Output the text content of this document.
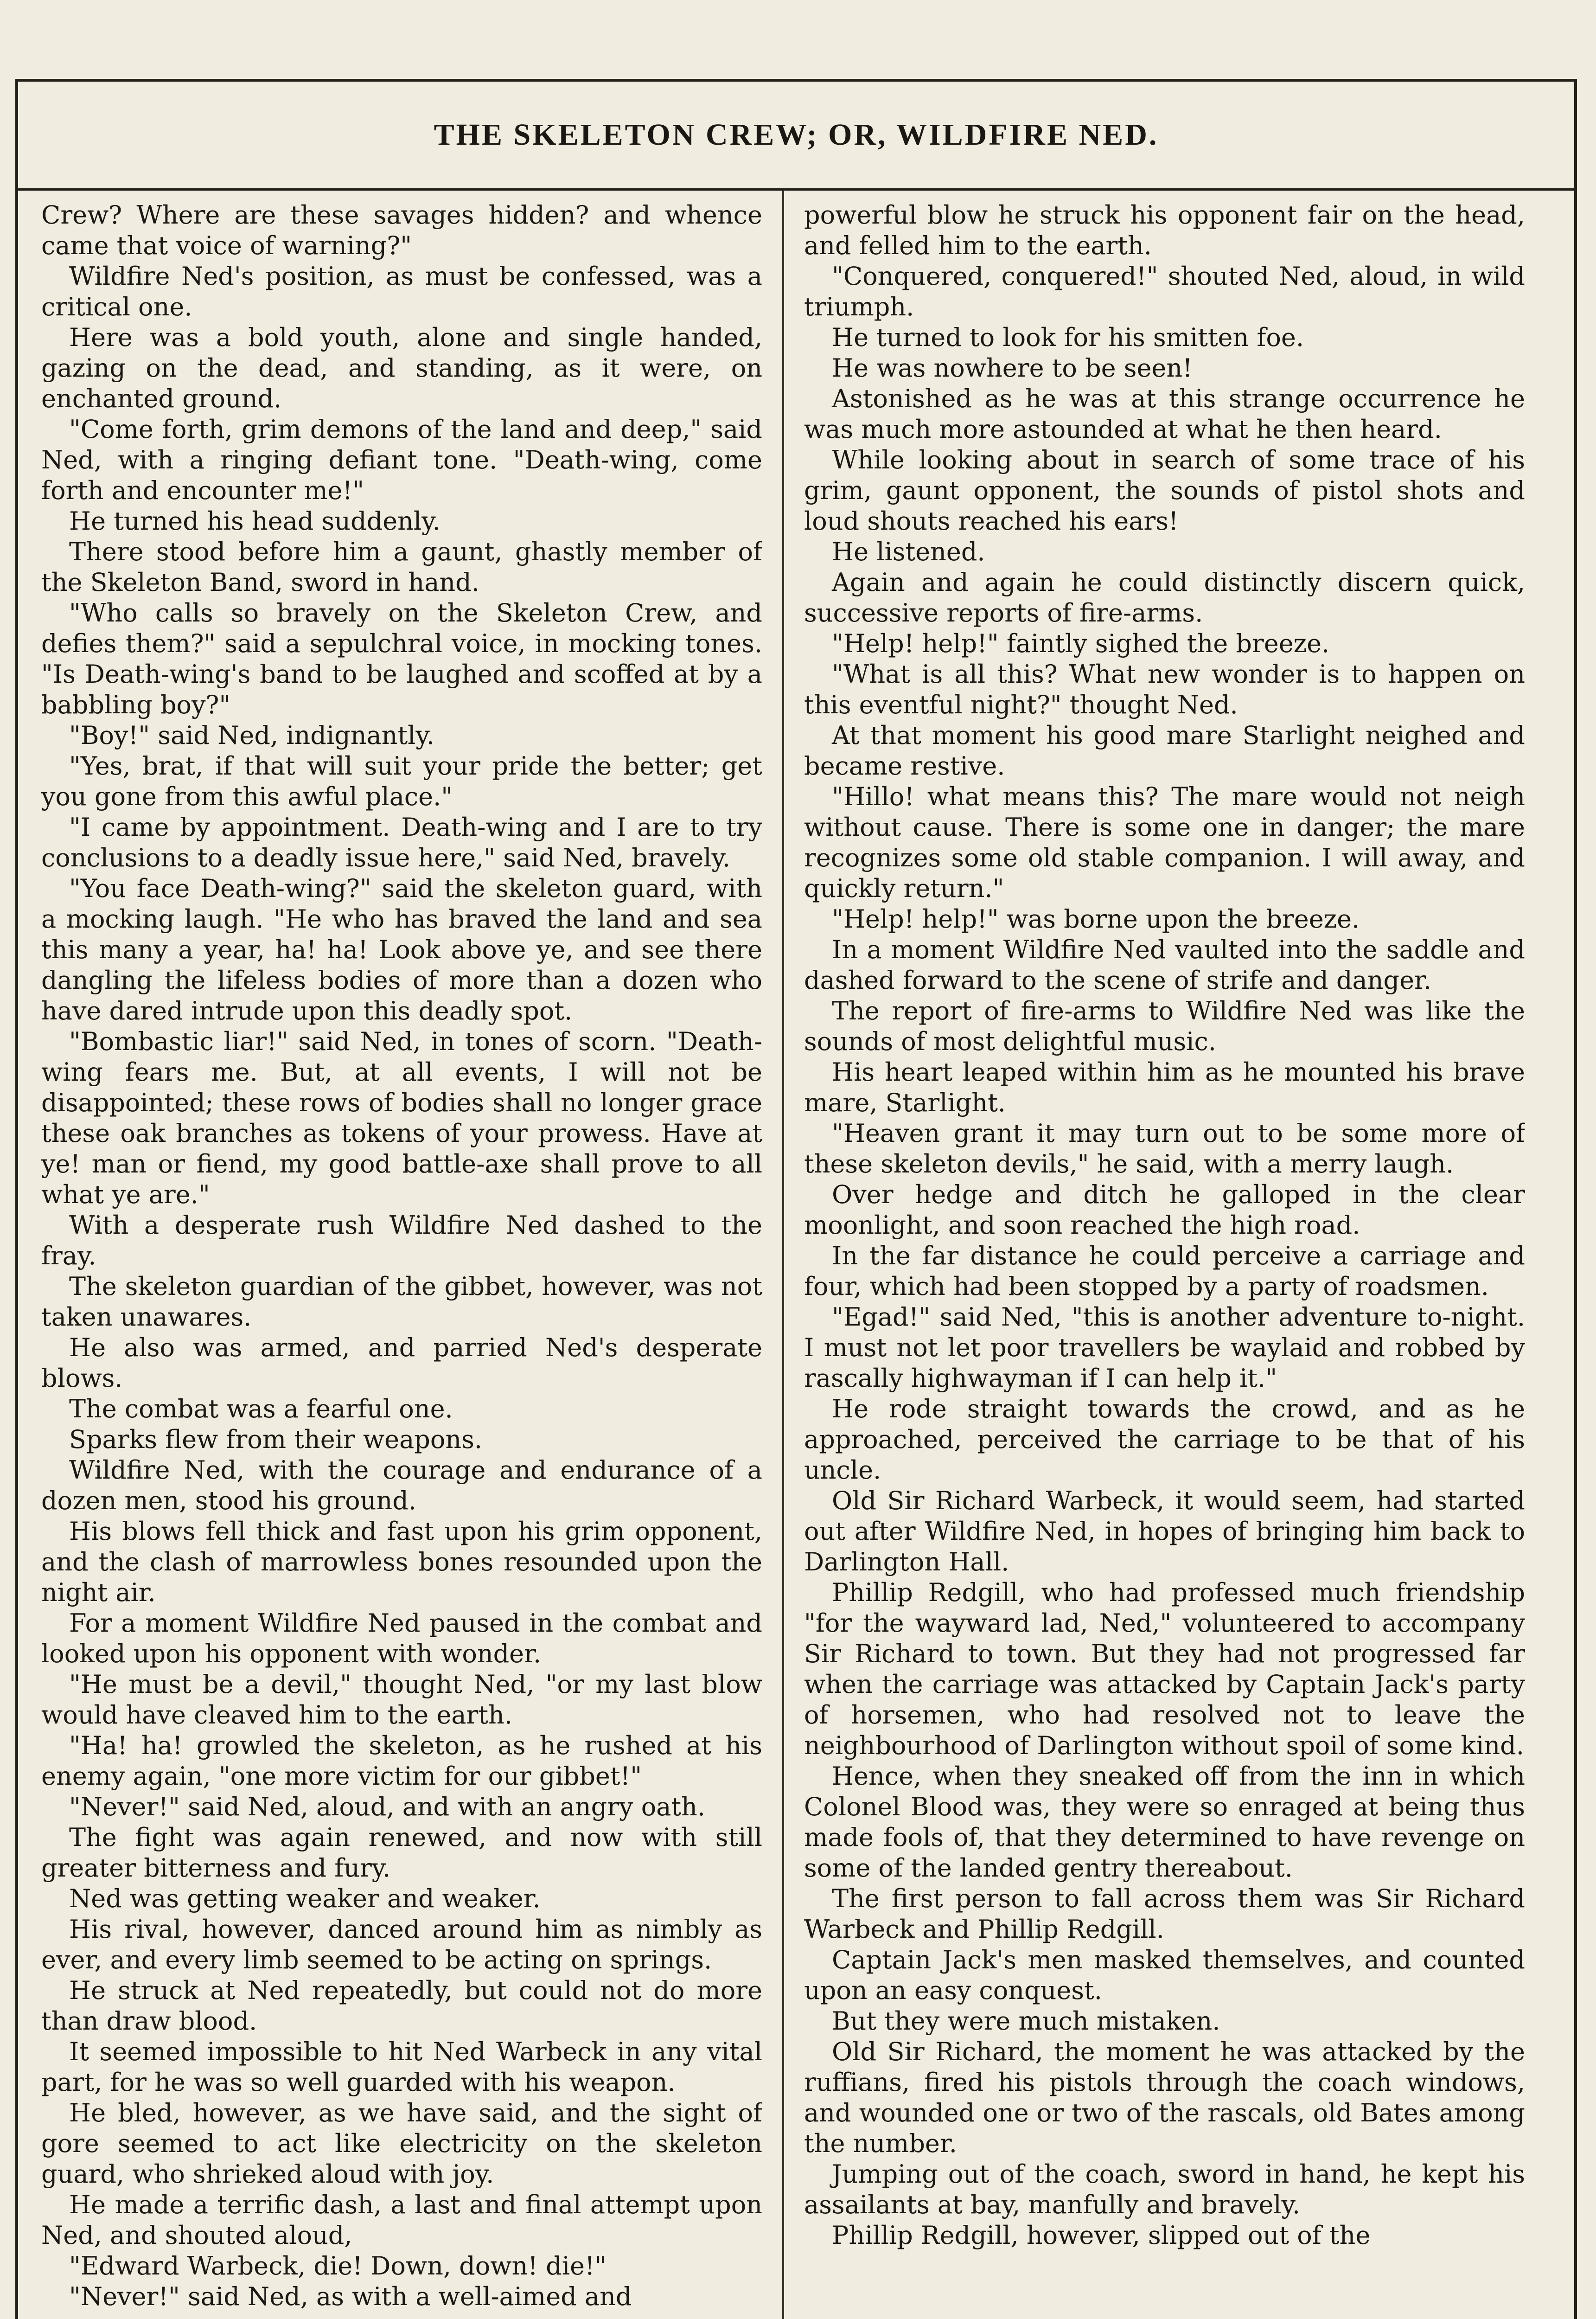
THE SKELETON CREW; OR, WILDFIRE NED.

Crew? Where are these savages hidden? and whence came that voice of warning?"

Wildfire Ned's position, as must be confessed, was a critical one.

Here was a bold youth, alone and single handed, gazing on the dead, and standing, as it were, on enchanted ground.

"Come forth, grim demons of the land and deep," said Ned, with a ringing defiant tone. "Death-wing, come forth and encounter me!"

He turned his head suddenly.

There stood before him a gaunt, ghastly member of the Skeleton Band, sword in hand.

"Who calls so bravely on the Skeleton Crew, and defies them?" said a sepulchral voice, in mocking tones. "Is Death-wing's band to be laughed and scoffed at by a babbling boy?"

"Boy!" said Ned, indignantly.

"Yes, brat, if that will suit your pride the better; get you gone from this awful place."

"I came by appointment. Death-wing and I are to try conclusions to a deadly issue here," said Ned, bravely.

"You face Death-wing?" said the skeleton guard, with a mocking laugh. "He who has braved the land and sea this many a year, ha! ha! Look above ye, and see there dangling the lifeless bodies of more than a dozen who have dared intrude upon this deadly spot.

"Bombastic liar!" said Ned, in tones of scorn. "Death-wing fears me. But, at all events, I will not be disappointed; these rows of bodies shall no longer grace these oak branches as tokens of your prowess. Have at ye! man or fiend, my good battle-axe shall prove to all what ye are."

With a desperate rush Wildfire Ned dashed to the fray.

The skeleton guardian of the gibbet, however, was not taken unawares.

He also was armed, and parried Ned's desperate blows.

The combat was a fearful one.

Sparks flew from their weapons.

Wildfire Ned, with the courage and endurance of a dozen men, stood his ground.

His blows fell thick and fast upon his grim opponent, and the clash of marrowless bones resounded upon the night air.

For a moment Wildfire Ned paused in the combat and looked upon his opponent with wonder.

"He must be a devil," thought Ned, "or my last blow would have cleaved him to the earth.

"Ha! ha! growled the skeleton, as he rushed at his enemy again, "one more victim for our gibbet!"

"Never!" said Ned, aloud, and with an angry oath.

The fight was again renewed, and now with still greater bitterness and fury.

Ned was getting weaker and weaker.

His rival, however, danced around him as nimbly as ever, and every limb seemed to be acting on springs.

He struck at Ned repeatedly, but could not do more than draw blood.

It seemed impossible to hit Ned Warbeck in any vital part, for he was so well guarded with his weapon.

He bled, however, as we have said, and the sight of gore seemed to act like electricity on the skeleton guard, who shrieked aloud with joy.

He made a terrific dash, a last and final attempt upon Ned, and shouted aloud,

"Edward Warbeck, die! Down, down! die!"

"Never!" said Ned, as with a well-aimed and

powerful blow he struck his opponent fair on the head, and felled him to the earth.

"Conquered, conquered!" shouted Ned, aloud, in wild triumph.

He turned to look for his smitten foe.

He was nowhere to be seen!

Astonished as he was at this strange occurrence he was much more astounded at what he then heard.

While looking about in search of some trace of his grim, gaunt opponent, the sounds of pistol shots and loud shouts reached his ears!

He listened.

Again and again he could distinctly discern quick, successive reports of fire-arms.

"Help! help!" faintly sighed the breeze.

"What is all this? What new wonder is to happen on this eventful night?" thought Ned.

At that moment his good mare Starlight neighed and became restive.

"Hillo! what means this? The mare would not neigh without cause. There is some one in danger; the mare recognizes some old stable companion. I will away, and quickly return."

"Help! help!" was borne upon the breeze.

In a moment Wildfire Ned vaulted into the saddle and dashed forward to the scene of strife and danger.

The report of fire-arms to Wildfire Ned was like the sounds of most delightful music.

His heart leaped within him as he mounted his brave mare, Starlight.

"Heaven grant it may turn out to be some more of these skeleton devils," he said, with a merry laugh.

Over hedge and ditch he galloped in the clear moonlight, and soon reached the high road.

In the far distance he could perceive a carriage and four, which had been stopped by a party of roadsmen.

"Egad!" said Ned, "this is another adventure to-night. I must not let poor travellers be waylaid and robbed by rascally highwayman if I can help it."

He rode straight towards the crowd, and as he approached, perceived the carriage to be that of his uncle.

Old Sir Richard Warbeck, it would seem, had started out after Wildfire Ned, in hopes of bringing him back to Darlington Hall.

Phillip Redgill, who had professed much friendship "for the wayward lad, Ned," volunteered to accompany Sir Richard to town. But they had not progressed far when the carriage was attacked by Captain Jack's party of horsemen, who had resolved not to leave the neighbourhood of Darlington without spoil of some kind.

Hence, when they sneaked off from the inn in which Colonel Blood was, they were so enraged at being thus made fools of, that they determined to have revenge on some of the landed gentry thereabout.

The first person to fall across them was Sir Richard Warbeck and Phillip Redgill.

Captain Jack's men masked themselves, and counted upon an easy conquest.

But they were much mistaken.

Old Sir Richard, the moment he was attacked by the ruffians, fired his pistols through the coach windows, and wounded one or two of the rascals, old Bates among the number.

Jumping out of the coach, sword in hand, he kept his assailants at bay, manfully and bravely.

Phillip Redgill, however, slipped out of the
